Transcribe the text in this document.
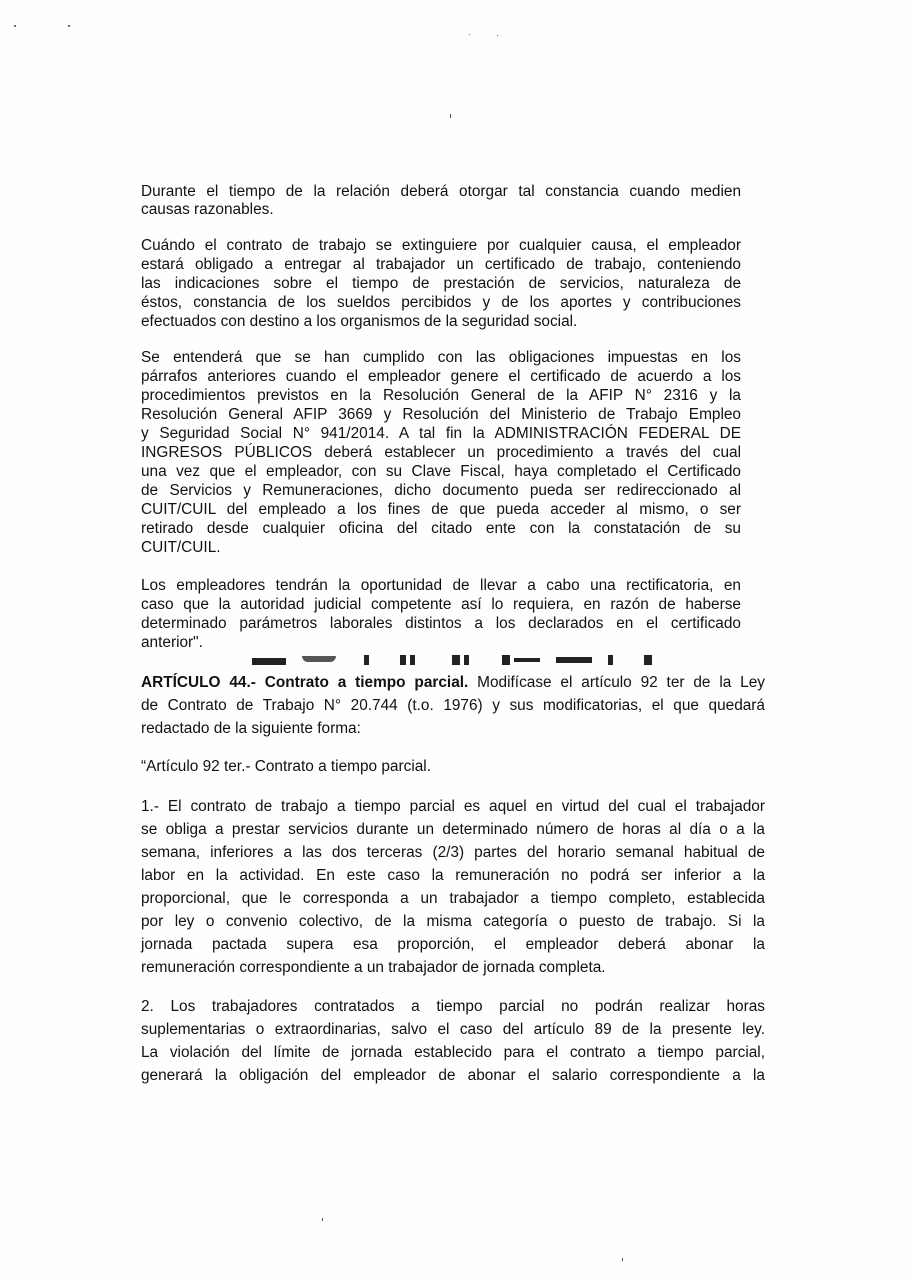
Durante el tiempo de la relación deberá otorgar tal constancia cuando medien
causas razonables.
Cuándo el contrato de trabajo se extinguiere por cualquier causa, el empleador
estará obligado a entregar al trabajador un certificado de trabajo, conteniendo
las indicaciones sobre el tiempo de prestación de servicios, naturaleza de
éstos, constancia de los sueldos percibidos y de los aportes y contribuciones
efectuados con destino a los organismos de la seguridad social.
Se entenderá que se han cumplido con las obligaciones impuestas en los
párrafos anteriores cuando el empleador genere el certificado de acuerdo a los
procedimientos previstos en la Resolución General de la AFIP N° 2316 y la
Resolución General AFIP 3669 y Resolución del Ministerio de Trabajo Empleo
y Seguridad Social N° 941/2014. A tal fin la ADMINISTRACIÓN FEDERAL DE
INGRESOS PÚBLICOS deberá establecer un procedimiento a través del cual
una vez que el empleador, con su Clave Fiscal, haya completado el Certificado
de Servicios y Remuneraciones, dicho documento pueda ser redireccionado al
CUIT/CUIL del empleado a los fines de que pueda acceder al mismo, o ser
retirado desde cualquier oficina del citado ente con la constatación de su
CUIT/CUIL.
Los empleadores tendrán la oportunidad de llevar a cabo una rectificatoria, en
caso que la autoridad judicial competente así lo requiera, en razón de haberse
determinado parámetros laborales distintos a los declarados en el certificado
anterior".
ARTÍCULO 44.- Contrato a tiempo parcial. Modifícase el artículo 92 ter de la Ley
de Contrato de Trabajo N° 20.744 (t.o. 1976) y sus modificatorias, el que quedará
redactado de la siguiente forma:
“Artículo 92 ter.- Contrato a tiempo parcial.
1.- El contrato de trabajo a tiempo parcial es aquel en virtud del cual el trabajador
se obliga a prestar servicios durante un determinado número de horas al día o a la
semana, inferiores a las dos terceras (2/3) partes del horario semanal habitual de
labor en la actividad. En este caso la remuneración no podrá ser inferior a la
proporcional, que le corresponda a un trabajador a tiempo completo, establecida
por ley o convenio colectivo, de la misma categoría o puesto de trabajo. Si la
jornada pactada supera esa proporción, el empleador deberá abonar la
remuneración correspondiente a un trabajador de jornada completa.
2. Los trabajadores contratados a tiempo parcial no podrán realizar horas
suplementarias o extraordinarias, salvo el caso del artículo 89 de la presente ley.
La violación del límite de jornada establecido para el contrato a tiempo parcial,
generará la obligación del empleador de abonar el salario correspondiente a la
